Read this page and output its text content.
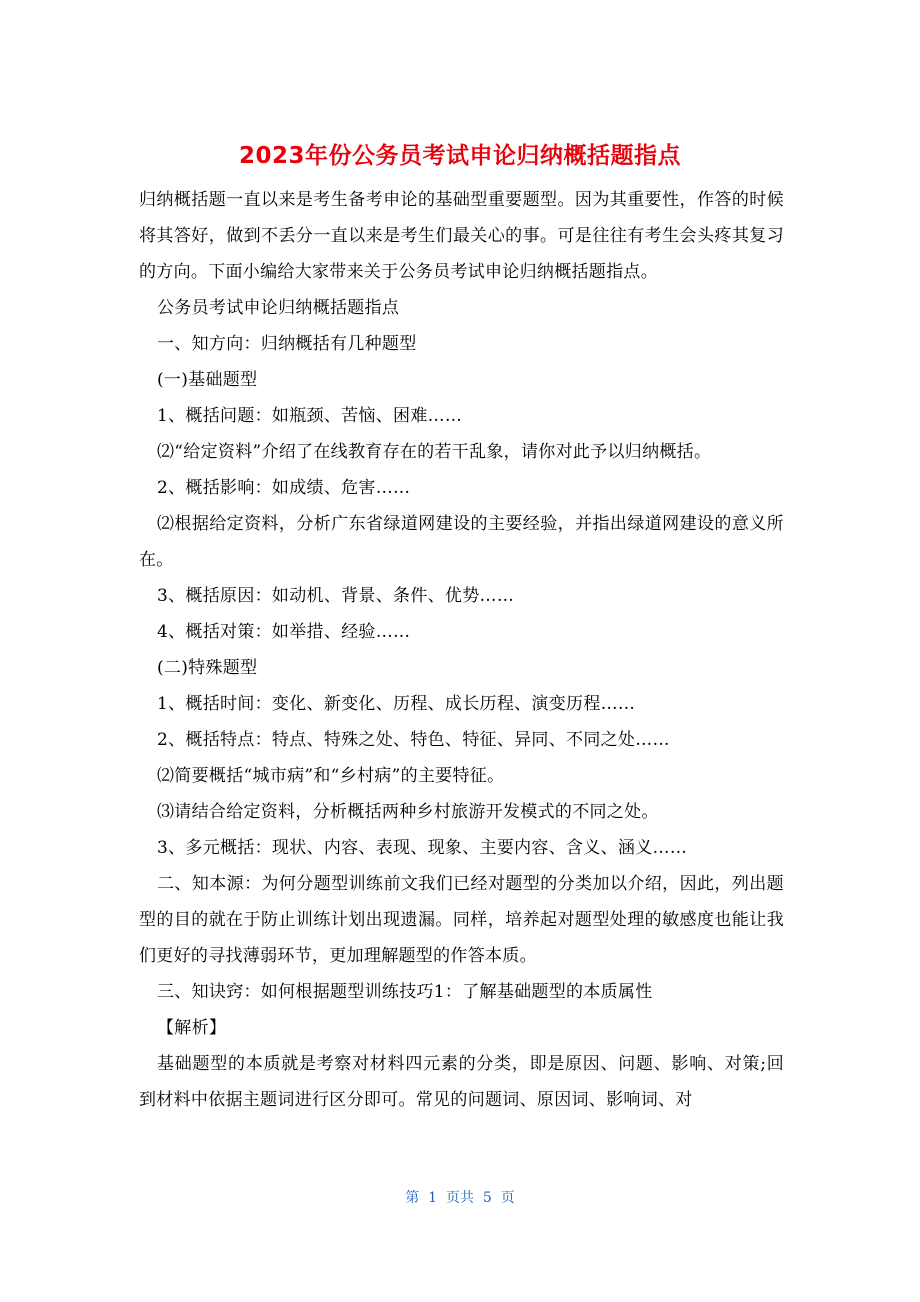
2023年份公务员考试申论归纳概括题指点

归纳概括题一直以来是考生备考申论的基础型重要题型。因为其重要性，作答的时候将其答好，做到不丢分一直以来是考生们最关心的事。可是往往有考生会头疼其复习的方向。下面小编给大家带来关于公务员考试申论归纳概括题指点。

公务员考试申论归纳概括题指点

一、知方向：归纳概括有几种题型

(一)基础题型

1、概括问题：如瓶颈、苦恼、困难……

⑵“给定资料”介绍了在线教育存在的若干乱象，请你对此予以归纳概括。

2、概括影响：如成绩、危害……

⑵根据给定资料，分析广东省绿道网建设的主要经验，并指出绿道网建设的意义所在。

3、概括原因：如动机、背景、条件、优势……

4、概括对策：如举措、经验……

(二)特殊题型

1、概括时间：变化、新变化、历程、成长历程、演变历程……

2、概括特点：特点、特殊之处、特色、特征、异同、不同之处……

⑵简要概括“城市病”和“乡村病”的主要特征。

⑶请结合给定资料，分析概括两种乡村旅游开发模式的不同之处。

3、多元概括：现状、内容、表现、现象、主要内容、含义、涵义……

二、知本源：为何分题型训练前文我们已经对题型的分类加以介绍，因此，列出题型的目的就在于防止训练计划出现遗漏。同样，培养起对题型处理的敏感度也能让我们更好的寻找薄弱环节，更加理解题型的作答本质。

三、知诀窍：如何根据题型训练技巧1：了解基础题型的本质属性

【解析】

基础题型的本质就是考察对材料四元素的分类，即是原因、问题、影响、对策;回到材料中依据主题词进行区分即可。常见的问题词、原因词、影响词、对

第  1  页共  5  页
